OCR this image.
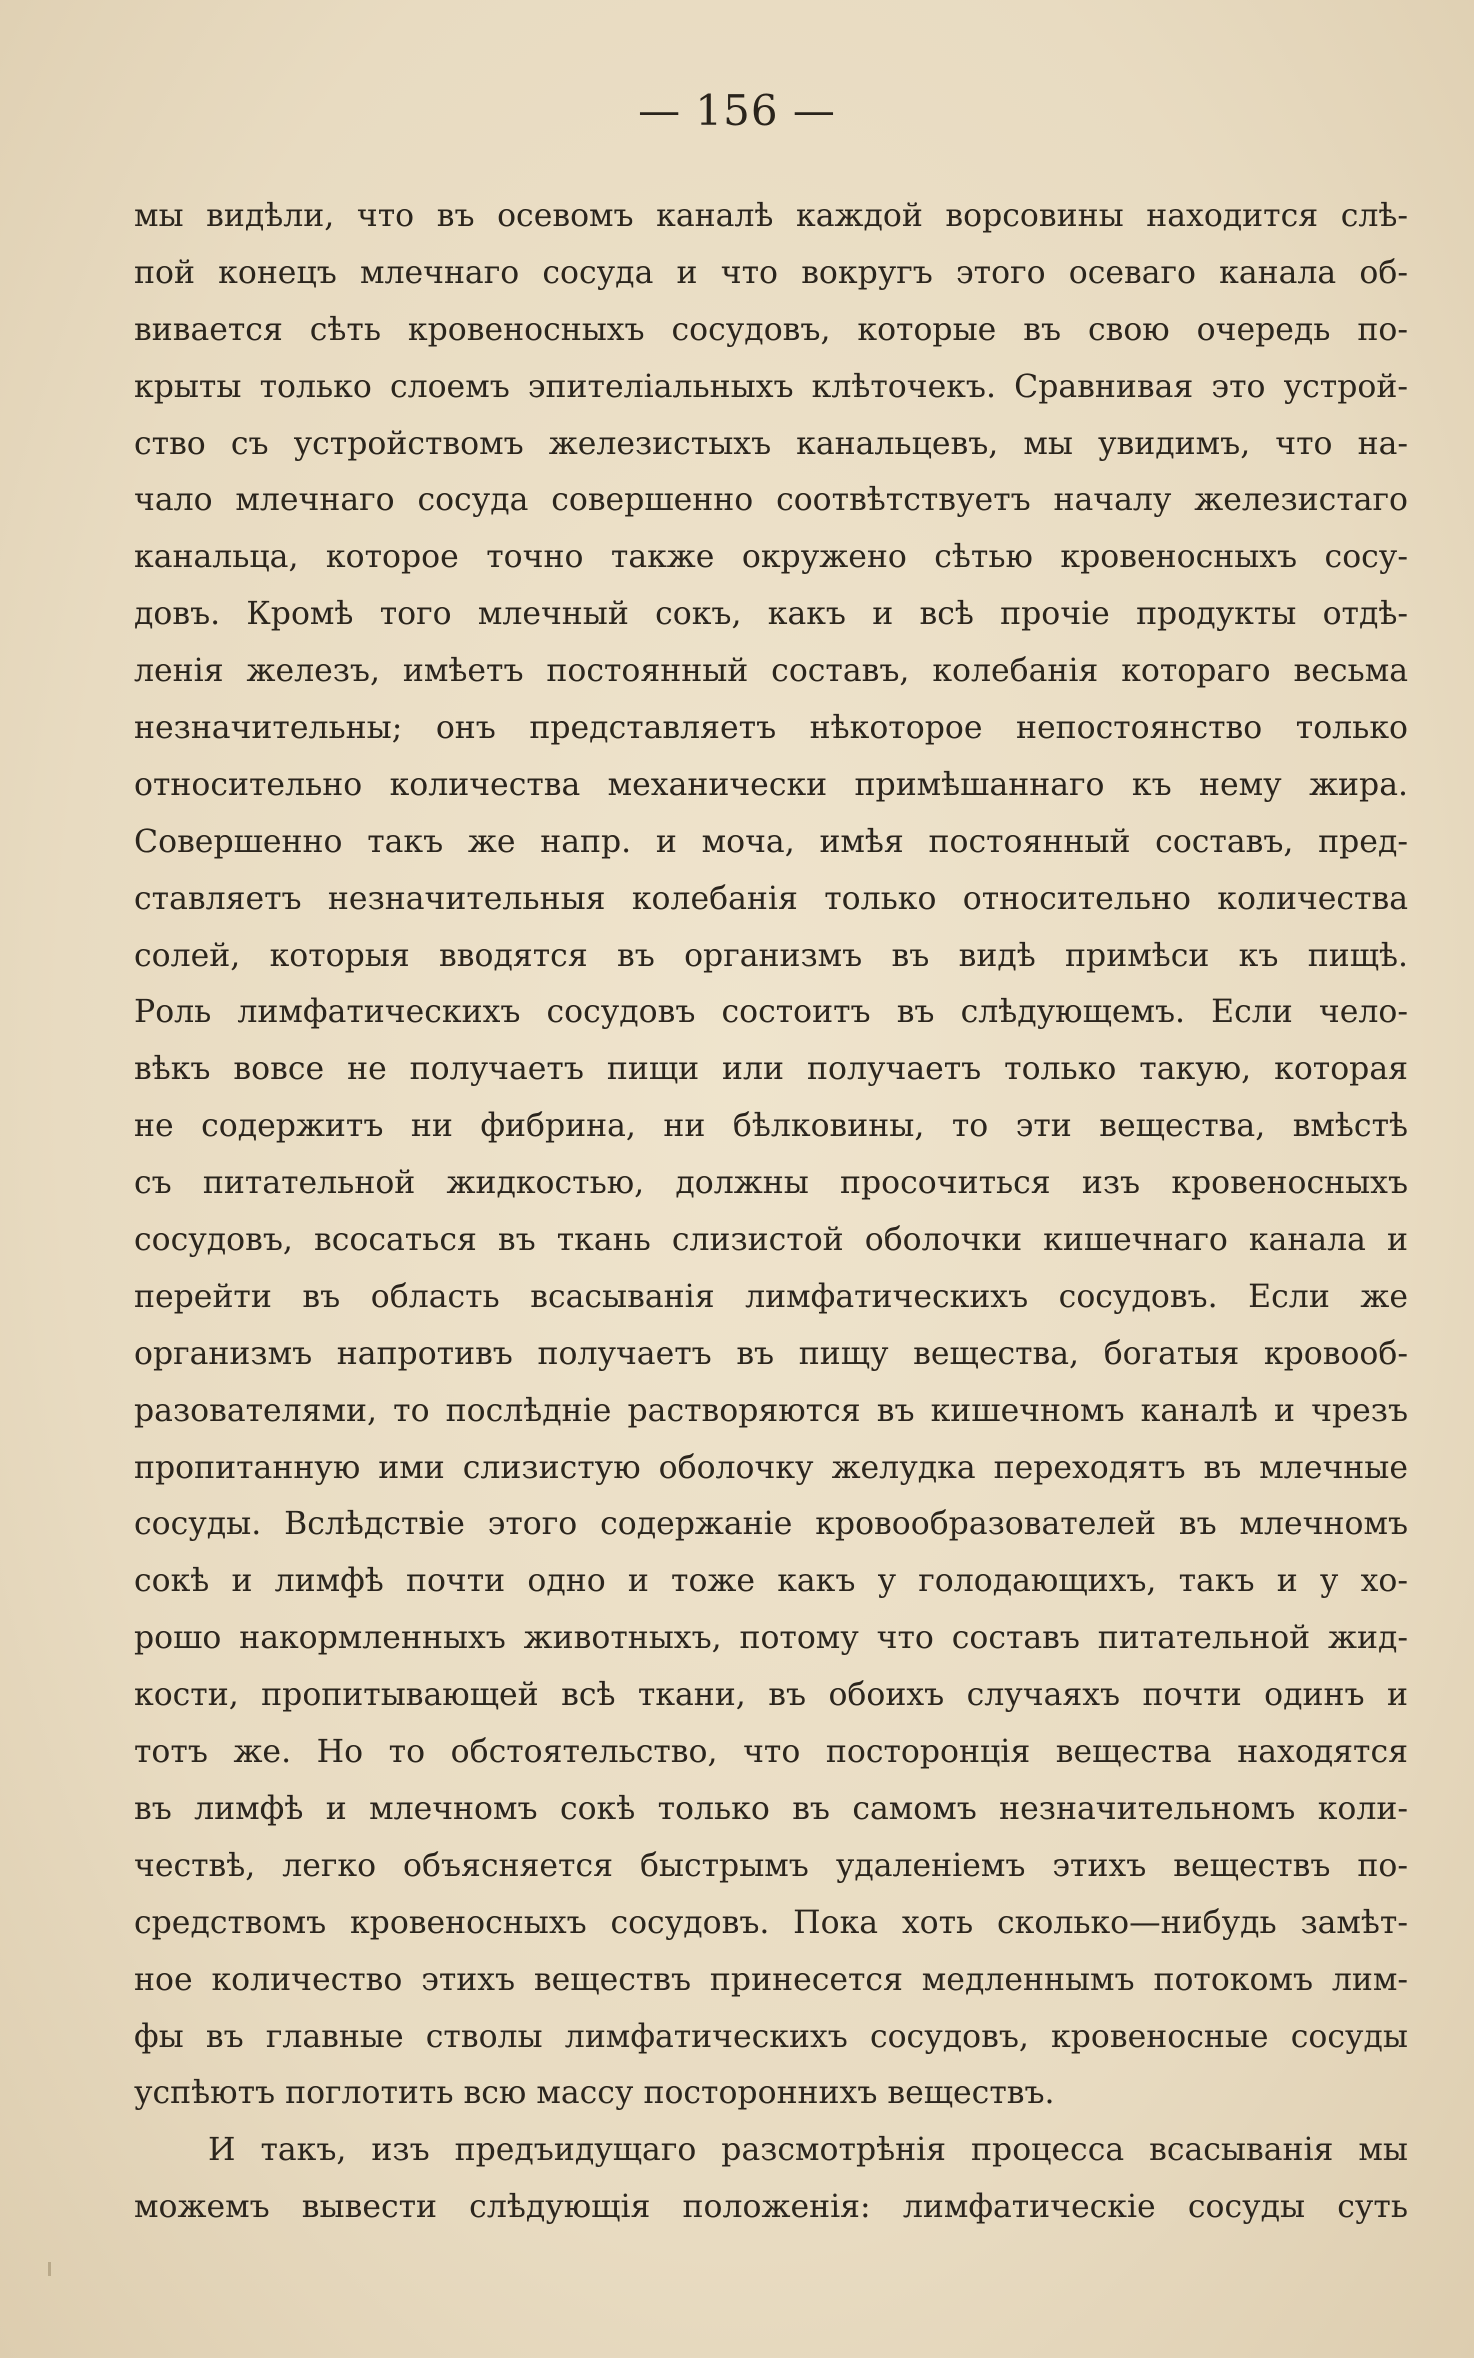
— 156 —
мы видѣли, что въ осевомъ каналѣ каждой ворсовины находится слѣ-
пой конецъ млечнаго сосуда и что вокругъ этого осеваго канала об-
вивается сѣть кровеносныхъ сосудовъ, которые въ свою очередь по-
крыты только слоемъ эпителіальныхъ клѣточекъ. Сравнивая это устрой-
ство съ устройствомъ железистыхъ канальцевъ, мы увидимъ, что на-
чало млечнаго сосуда совершенно соотвѣтствуетъ началу железистаго
канальца, которое точно также окружено сѣтью кровеносныхъ сосу-
довъ. Кромѣ того млечный сокъ, какъ и всѣ прочіе продукты отдѣ-
ленія железъ, имѣетъ постоянный составъ, колебанія котораго весьма
незначительны; онъ представляетъ нѣкоторое непостоянство только
относительно количества механически примѣшаннаго къ нему жира.
Совершенно такъ же напр. и моча, имѣя постоянный составъ, пред-
ставляетъ незначительныя колебанія только относительно количества
солей, которыя вводятся въ организмъ въ видѣ примѣси къ пищѣ.
Роль лимфатическихъ сосудовъ состоитъ въ слѣдующемъ. Если чело-
вѣкъ вовсе не получаетъ пищи или получаетъ только такую, которая
не содержитъ ни фибрина, ни бѣлковины, то эти вещества, вмѣстѣ
съ питательной жидкостью, должны просочиться изъ кровеносныхъ
сосудовъ, всосаться въ ткань слизистой оболочки кишечнаго канала и
перейти въ область всасыванія лимфатическихъ сосудовъ. Если же
организмъ напротивъ получаетъ въ пищу вещества, богатыя кровооб-
разователями, то послѣдніе растворяются въ кишечномъ каналѣ и чрезъ
пропитанную ими слизистую оболочку желудка переходятъ въ млечные
сосуды. Вслѣдствіе этого содержаніе кровообразователей въ млечномъ
сокѣ и лимфѣ почти одно и тоже какъ у голодающихъ, такъ и у хо-
рошо накормленныхъ животныхъ, потому что составъ питательной жид-
кости, пропитывающей всѣ ткани, въ обоихъ случаяхъ почти одинъ и
тотъ же. Но то обстоятельство, что посторонція вещества находятся
въ лимфѣ и млечномъ сокѣ только въ самомъ незначительномъ коли-
чествѣ, легко объясняется быстрымъ удаленіемъ этихъ веществъ по-
средствомъ кровеносныхъ сосудовъ. Пока хоть сколько—нибудь замѣт-
ное количество этихъ веществъ принесется медленнымъ потокомъ лим-
фы въ главные стволы лимфатическихъ сосудовъ, кровеносные сосуды
успѣютъ поглотить всю массу постороннихъ веществъ.
И такъ, изъ предъидущаго разсмотрѣнія процесса всасыванія мы
можемъ вывести слѣдующія положенія: лимфатическіе сосуды суть
